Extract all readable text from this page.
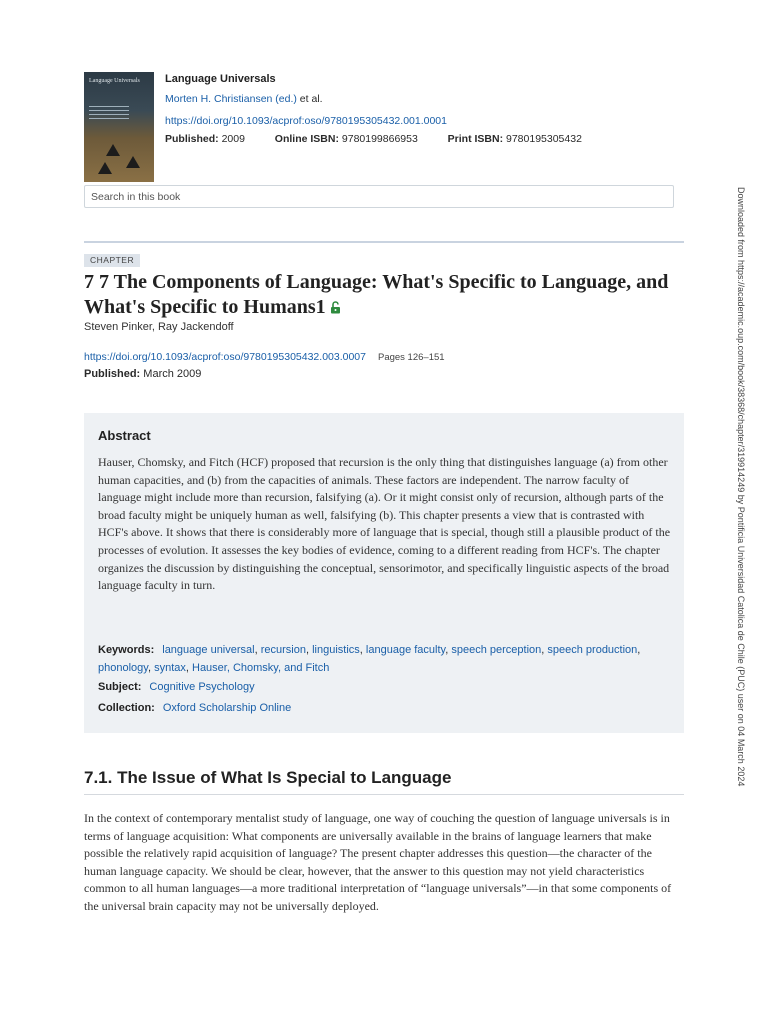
Language Universals Language Universals
Morten H. Christiansen (ed.) et al.
https://doi.org/10.1093/acprof:oso/9780195305432.001.0001
Published: 2009	Online ISBN: 9780199866953	Print ISBN: 9780195305432
Search in this book
CHAPTER
7 7 The Components of Language: What's Specific to Language, and What's Specific to Humans1
Steven Pinker, Ray Jackendoff
https://doi.org/10.1093/acprof:oso/9780195305432.003.0007 Pages 126–151
Published: March 2009
Abstract
Hauser, Chomsky, and Fitch (HCF) proposed that recursion is the only thing that distinguishes language (a) from other human capacities, and (b) from the capacities of animals. These factors are independent. The narrow faculty of language might include more than recursion, falsifying (a). Or it might consist only of recursion, although parts of the broad faculty might be uniquely human as well, falsifying (b). This chapter presents a view that is contrasted with HCF's above. It shows that there is considerably more of language that is special, though still a plausible product of the processes of evolution. It assesses the key bodies of evidence, coming to a different reading from HCF's. The chapter organizes the discussion by distinguishing the conceptual, sensorimotor, and specifically linguistic aspects of the broad language faculty in turn.
Keywords: language universal, recursion, linguistics, language faculty, speech perception, speech production, phonology, syntax, Hauser, Chomsky, and Fitch
Subject: Cognitive Psychology
Collection: Oxford Scholarship Online
7.1. The Issue of What Is Special to Language
In the context of contemporary mentalist study of language, one way of couching the question of language universals is in terms of language acquisition: What components are universally available in the brains of language learners that make possible the relatively rapid acquisition of language? The present chapter addresses this question—the character of the human language capacity. We should be clear, however, that the answer to this question may not yield characteristics common to all human languages—a more traditional interpretation of “language universals”—in that some components of the universal brain capacity may not be universally deployed.
Downloaded from https://academic.oup.com/book/38368/chapter/319914249 by Pontificia Universidad Catolica de Chile (PUC) user on 04 March 2024
